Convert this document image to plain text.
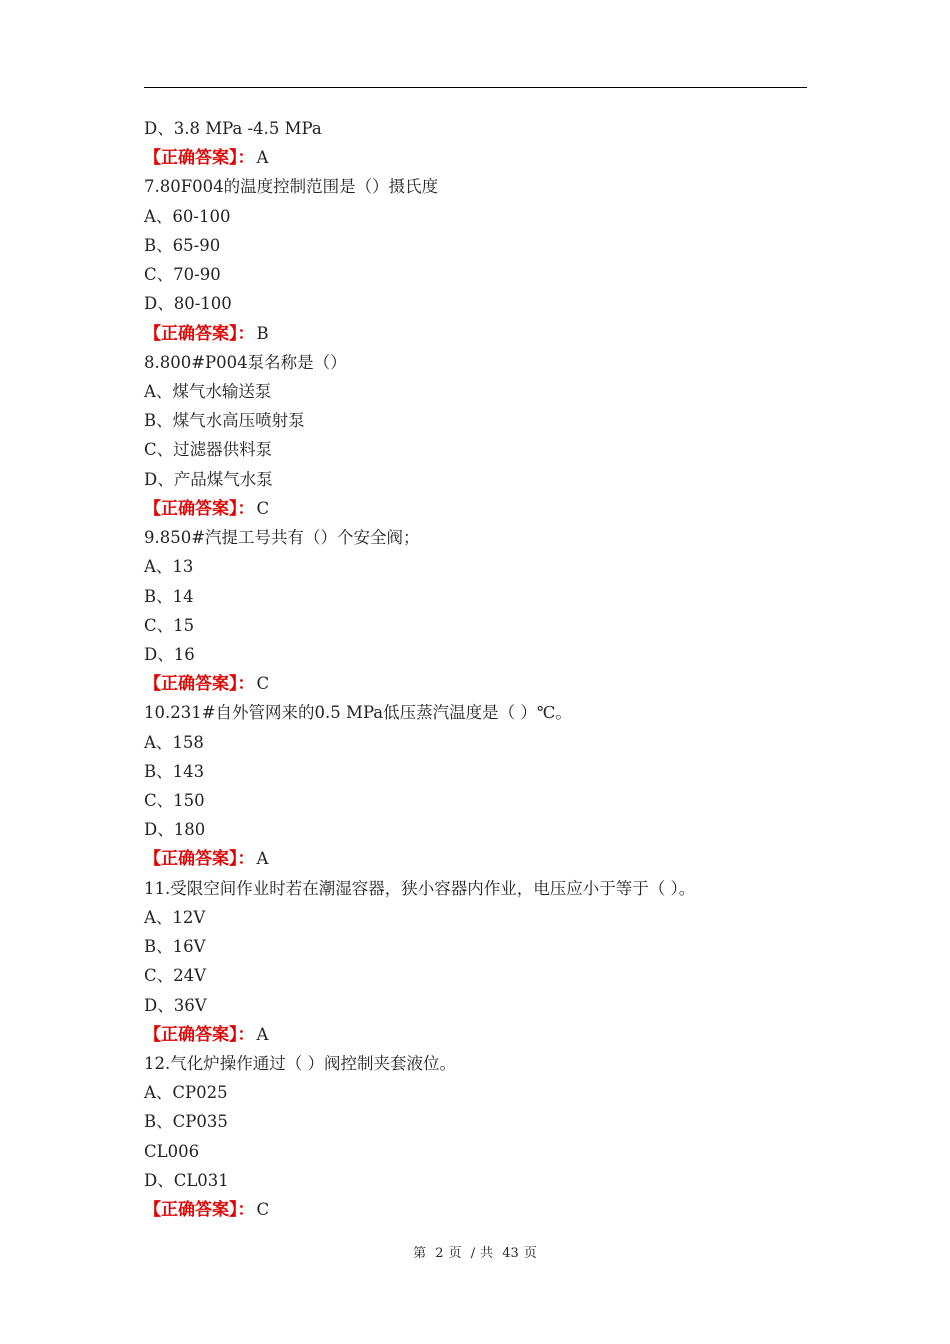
D、3.8 MPa -4.5 MPa
【正确答案】： A
7.80F004的温度控制范围是（）摄氏度
A、60-100
B、65-90
C、70-90
D、80-100
【正确答案】： B
8.800#P004泵名称是（）
A、煤气水输送泵
B、煤气水高压喷射泵
C、过滤器供料泵
D、产品煤气水泵
【正确答案】： C
9.850#汽提工号共有（）个安全阀；
A、13
B、14
C、15
D、16
【正确答案】： C
10.231#自外管网来的0.5 MPa低压蒸汽温度是（ ）℃。
A、158
B、143
C、150
D、180
【正确答案】： A
11.受限空间作业时若在潮湿容器，狭小容器内作业，电压应小于等于（ ）。
A、12V
B、16V
C、24V
D、36V
【正确答案】： A
12.气化炉操作通过（ ）阀控制夹套液位。
A、CP025
B、CP035
CL006
D、CL031
【正确答案】： C
第 2 页 / 共 43 页
